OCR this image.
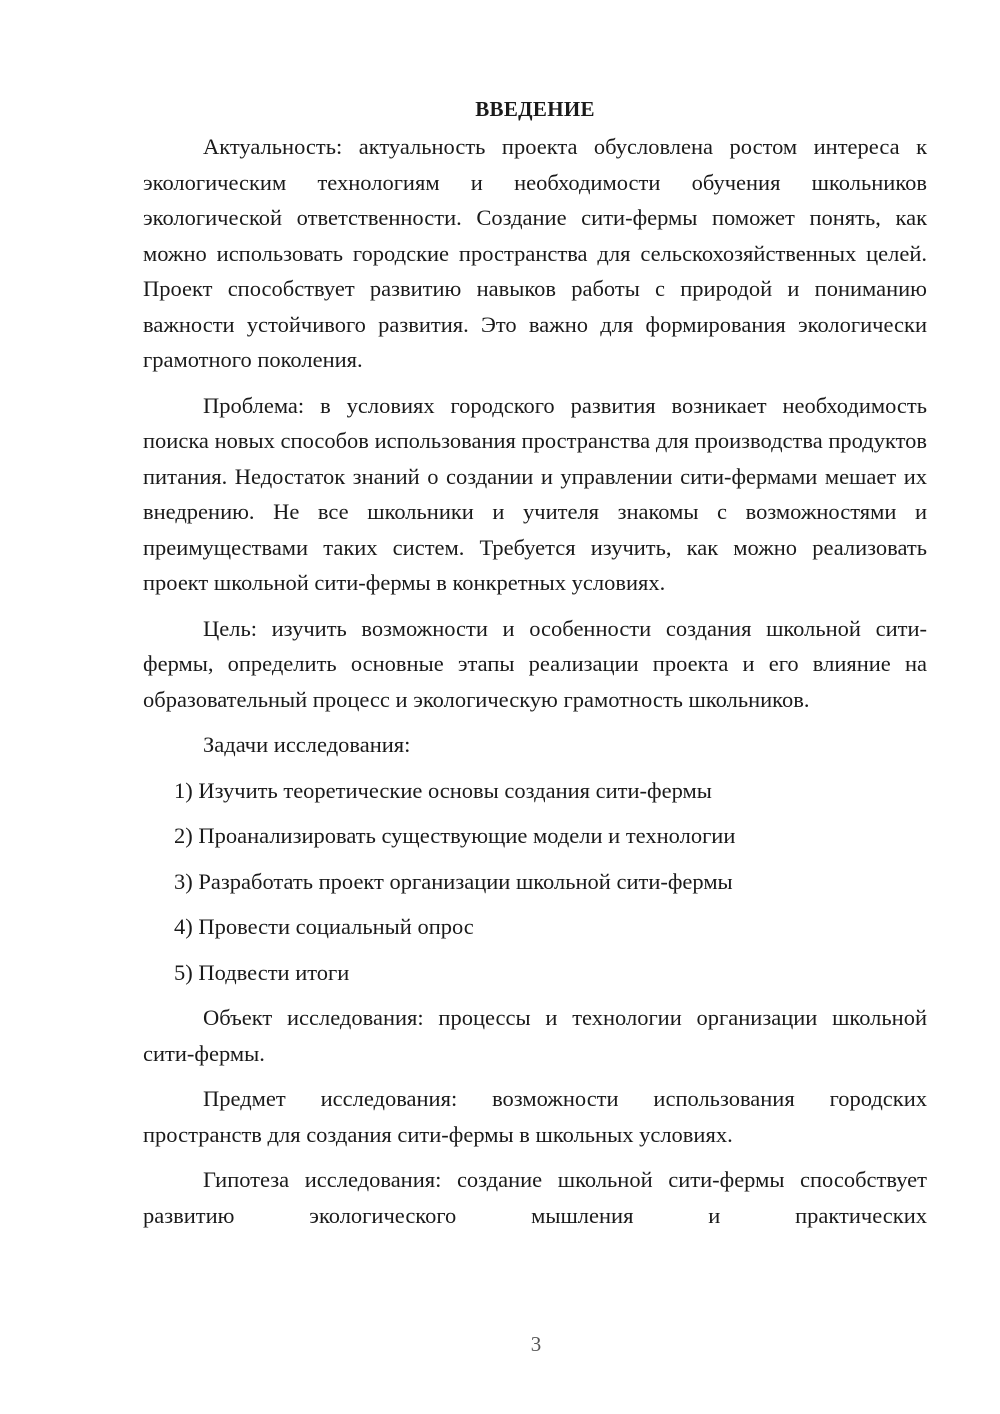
ВВЕДЕНИЕ

Актуальность: актуальность проекта обусловлена ростом интереса к экологическим технологиям и необходимости обучения школьников экологической ответственности. Создание сити-фермы поможет понять, как можно использовать городские пространства для сельскохозяйственных целей. Проект способствует развитию навыков работы с природой и пониманию важности устойчивого развития. Это важно для формирования экологически грамотного поколения.

Проблема: в условиях городского развития возникает необходимость поиска новых способов использования пространства для производства продуктов питания. Недостаток знаний о создании и управлении сити-фермами мешает их внедрению. Не все школьники и учителя знакомы с возможностями и преимуществами таких систем. Требуется изучить, как можно реализовать проект школьной сити-фермы в конкретных условиях.

Цель: изучить возможности и особенности создания школьной сити-фермы, определить основные этапы реализации проекта и его влияние на образовательный процесс и экологическую грамотность школьников.

Задачи исследования:

1) Изучить теоретические основы создания сити-фермы
2) Проанализировать существующие модели и технологии
3) Разработать проект организации школьной сити-фермы
4) Провести социальный опрос
5) Подвести итоги

Объект исследования: процессы и технологии организации школьной сити-фермы.

Предмет исследования: возможности использования городских пространств для создания сити-фермы в школьных условиях.

Гипотеза исследования: создание школьной сити-фермы способствует развитию экологического мышления и практических

3
